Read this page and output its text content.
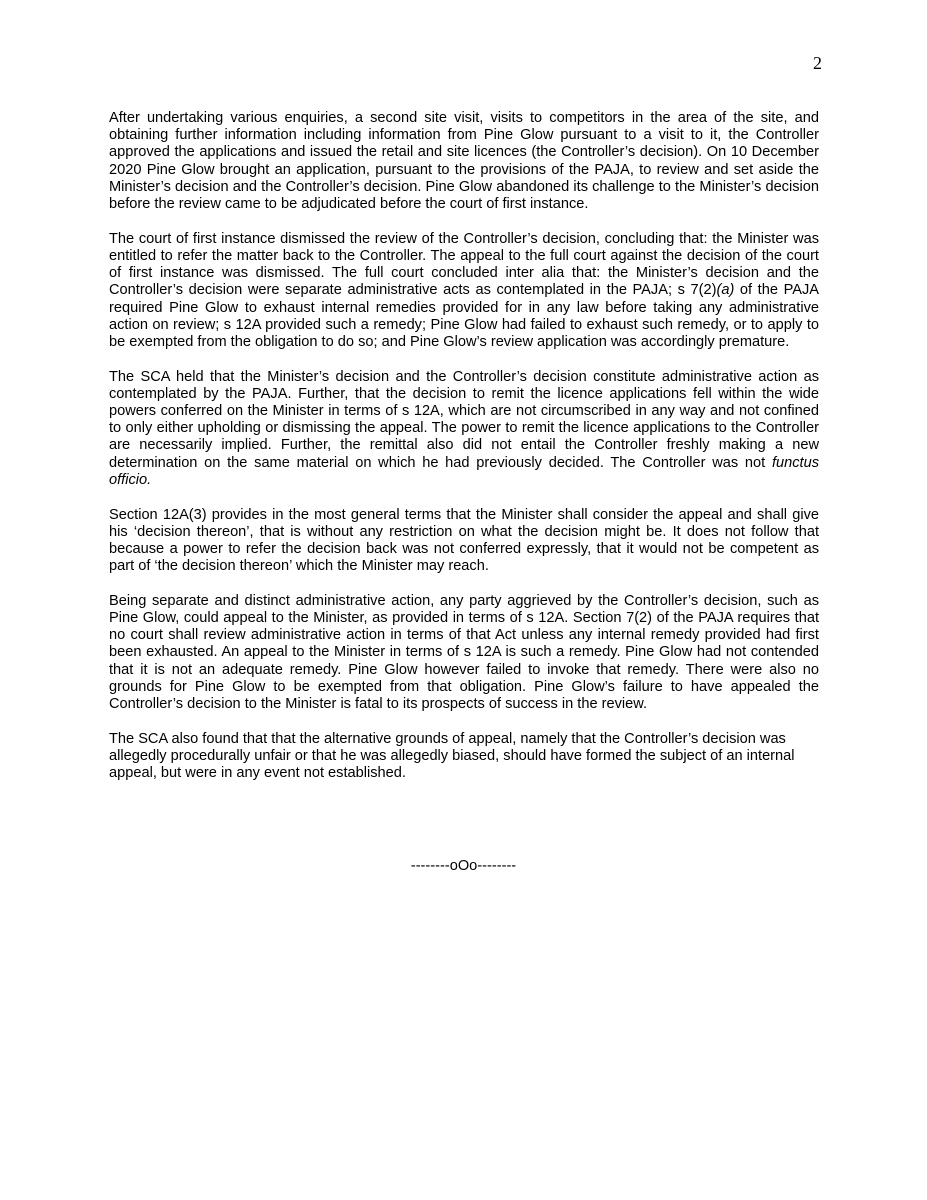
2

After undertaking various enquiries, a second site visit, visits to competitors in the area of the site, and obtaining further information including information from Pine Glow pursuant to a visit to it, the Controller approved the applications and issued the retail and site licences (the Controller’s decision). On 10 December 2020 Pine Glow brought an application, pursuant to the provisions of the PAJA, to review and set aside the Minister’s decision and the Controller’s decision. Pine Glow abandoned its challenge to the Minister’s decision before the review came to be adjudicated before the court of first instance.

The court of first instance dismissed the review of the Controller’s decision, concluding that: the Minister was entitled to refer the matter back to the Controller. The appeal to the full court against the decision of the court of first instance was dismissed. The full court concluded inter alia that: the Minister’s decision and the Controller’s decision were separate administrative acts as contemplated in the PAJA; s 7(2)(a) of the PAJA required Pine Glow to exhaust internal remedies provided for in any law before taking any administrative action on review; s 12A provided such a remedy; Pine Glow had failed to exhaust such remedy, or to apply to be exempted from the obligation to do so; and Pine Glow’s review application was accordingly premature.

The SCA held that the Minister’s decision and the Controller’s decision constitute administrative action as contemplated by the PAJA. Further, that the decision to remit the licence applications fell within the wide powers conferred on the Minister in terms of s 12A, which are not circumscribed in any way and not confined to only either upholding or dismissing the appeal. The power to remit the licence applications to the Controller are necessarily implied. Further, the remittal also did not entail the Controller freshly making a new determination on the same material on which he had previously decided. The Controller was not functus officio.

Section 12A(3) provides in the most general terms that the Minister shall consider the appeal and shall give his ‘decision thereon’, that is without any restriction on what the decision might be. It does not follow that because a power to refer the decision back was not conferred expressly, that it would not be competent as part of ‘the decision thereon’ which the Minister may reach.

Being separate and distinct administrative action, any party aggrieved by the Controller’s decision, such as Pine Glow, could appeal to the Minister, as provided in terms of s 12A. Section 7(2) of the PAJA requires that no court shall review administrative action in terms of that Act unless any internal remedy provided had first been exhausted. An appeal to the Minister in terms of s 12A is such a remedy. Pine Glow had not contended that it is not an adequate remedy. Pine Glow however failed to invoke that remedy. There were also no grounds for Pine Glow to be exempted from that obligation. Pine Glow’s failure to have appealed the Controller’s decision to the Minister is fatal to its prospects of success in the review.

The SCA also found that that the alternative grounds of appeal, namely that the Controller’s decision was allegedly procedurally unfair or that he was allegedly biased, should have formed the subject of an internal appeal, but were in any event not established.

--------oOo--------
